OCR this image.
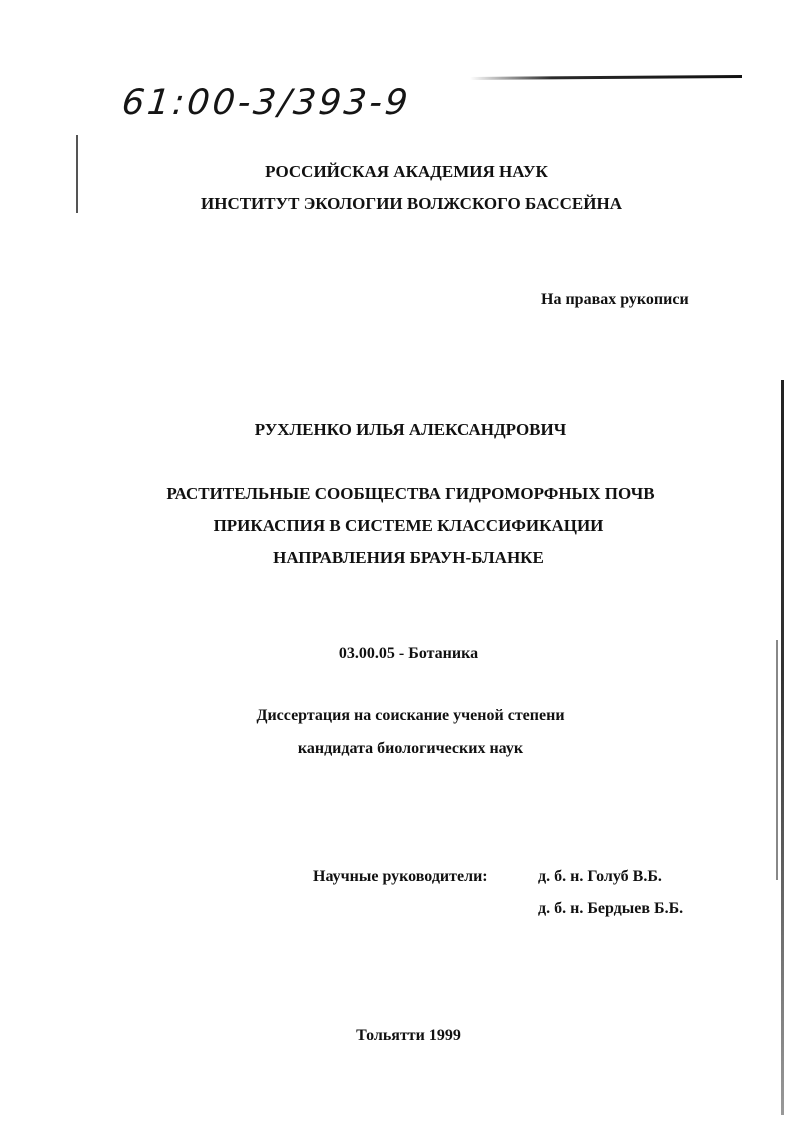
61:00-3/393-9
РОССИЙСКАЯ АКАДЕМИЯ НАУК
ИНСТИТУТ ЭКОЛОГИИ ВОЛЖСКОГО БАССЕЙНА
На правах рукописи
РУХЛЕНКО ИЛЬЯ АЛЕКСАНДРОВИЧ
РАСТИТЕЛЬНЫЕ СООБЩЕСТВА ГИДРОМОРФНЫХ ПОЧВ
ПРИКАСПИЯ В СИСТЕМЕ КЛАССИФИКАЦИИ
НАПРАВЛЕНИЯ БРАУН-БЛАНКЕ
03.00.05 - Ботаника
Диссертация на соискание ученой степени
кандидата биологических наук
Научные руководители:	д. б. н. Голуб В.Б.
д. б. н. Бердыев Б.Б.
Тольятти 1999
